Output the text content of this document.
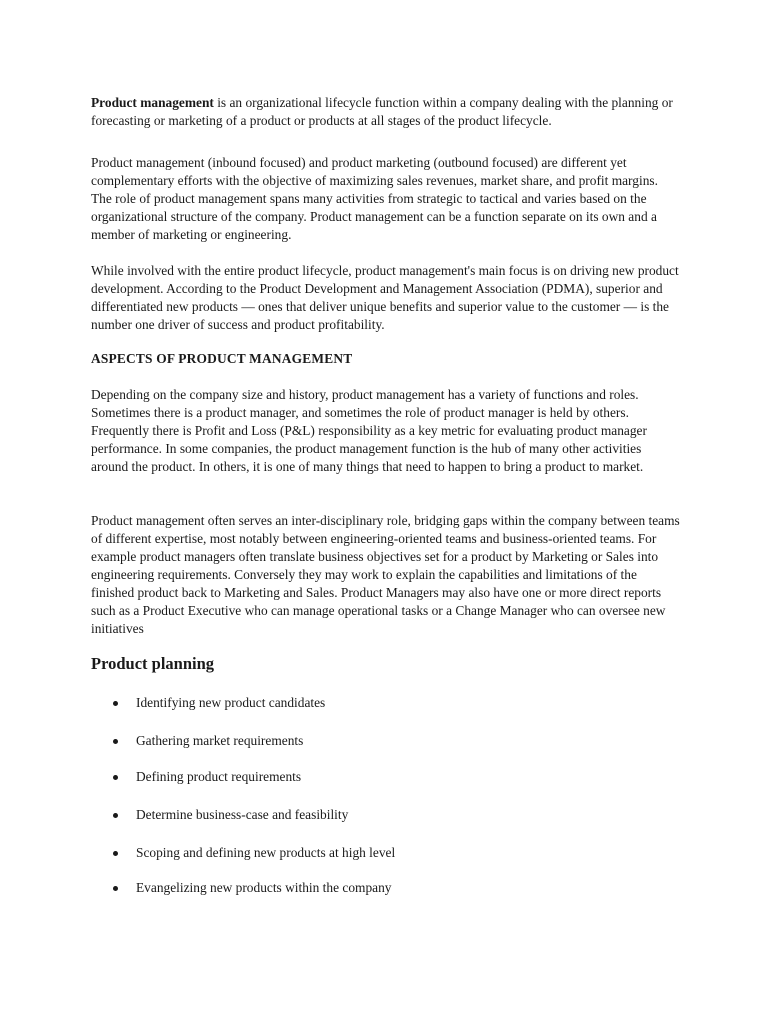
Product management is an organizational lifecycle function within a company dealing with the planning or forecasting or marketing of a product or products at all stages of the product lifecycle.

Product management (inbound focused) and product marketing (outbound focused) are different yet complementary efforts with the objective of maximizing sales revenues, market share, and profit margins. The role of product management spans many activities from strategic to tactical and varies based on the organizational structure of the company. Product management can be a function separate on its own and a member of marketing or engineering.

While involved with the entire product lifecycle, product management's main focus is on driving new product development. According to the Product Development and Management Association (PDMA), superior and differentiated new products — ones that deliver unique benefits and superior value to the customer — is the number one driver of success and product profitability.

ASPECTS OF PRODUCT MANAGEMENT

Depending on the company size and history, product management has a variety of functions and roles. Sometimes there is a product manager, and sometimes the role of product manager is held by others. Frequently there is Profit and Loss (P&L) responsibility as a key metric for evaluating product manager performance. In some companies, the product management function is the hub of many other activities around the product. In others, it is one of many things that need to happen to bring a product to market.

Product management often serves an inter-disciplinary role, bridging gaps within the company between teams of different expertise, most notably between engineering-oriented teams and business-oriented teams. For example product managers often translate business objectives set for a product by Marketing or Sales into engineering requirements. Conversely they may work to explain the capabilities and limitations of the finished product back to Marketing and Sales. Product Managers may also have one or more direct reports such as a Product Executive who can manage operational tasks or a Change Manager who can oversee new initiatives

Product planning
Identifying new product candidates
Gathering market requirements
Defining product requirements
Determine business-case and feasibility
Scoping and defining new products at high level
Evangelizing new products within the company
